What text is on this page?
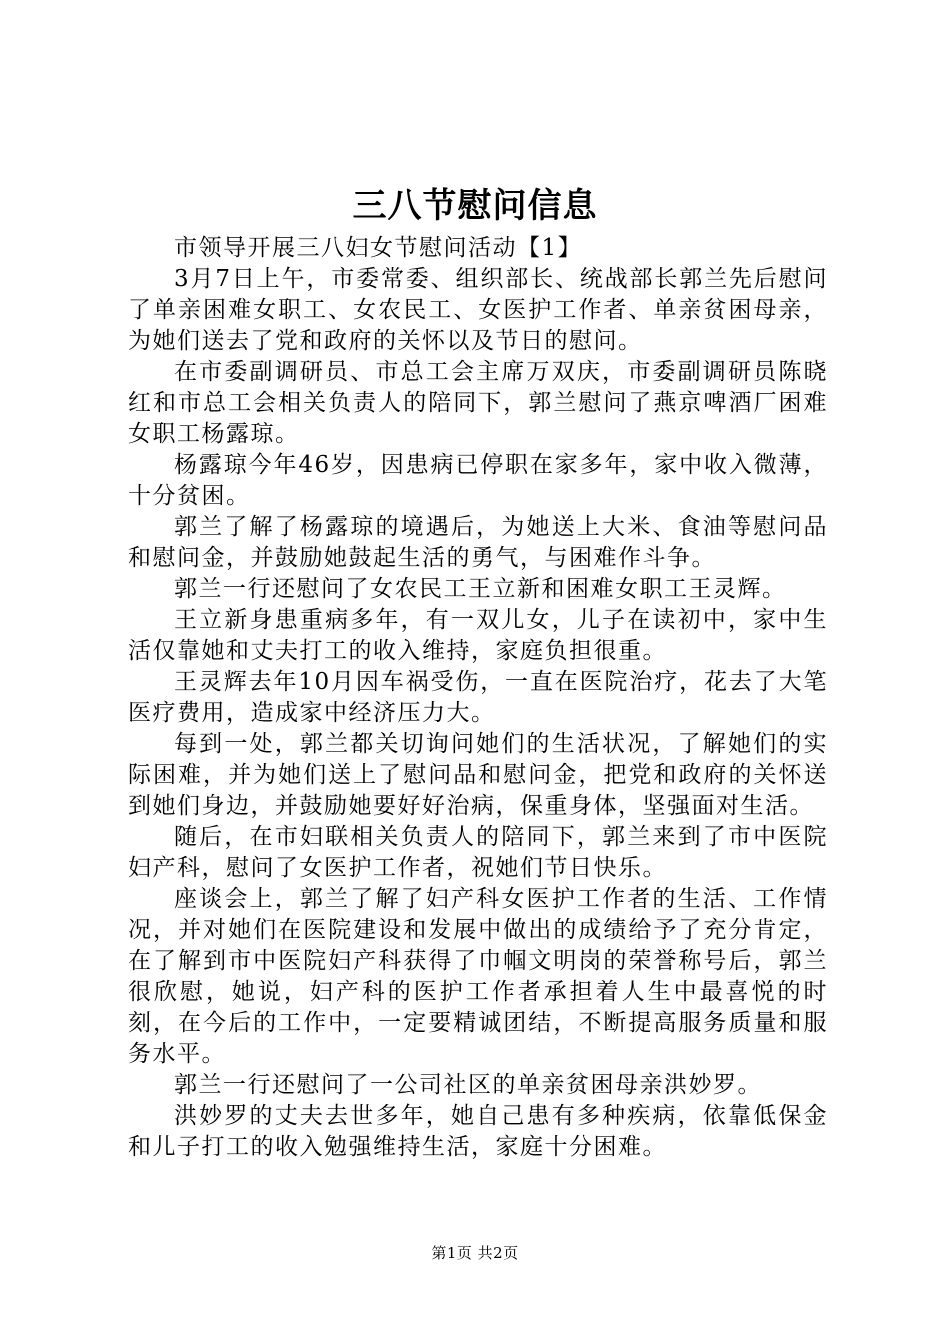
三八节慰问信息

市领导开展三八妇女节慰问活动【1】

3月7日上午，市委常委、组织部长、统战部长郭兰先后慰问了单亲困难女职工、女农民工、女医护工作者、单亲贫困母亲，为她们送去了党和政府的关怀以及节日的慰问。

在市委副调研员、市总工会主席万双庆，市委副调研员陈晓红和市总工会相关负责人的陪同下，郭兰慰问了燕京啤酒厂困难女职工杨露琼。

杨露琼今年46岁，因患病已停职在家多年，家中收入微薄，十分贫困。

郭兰了解了杨露琼的境遇后，为她送上大米、食油等慰问品和慰问金，并鼓励她鼓起生活的勇气，与困难作斗争。

郭兰一行还慰问了女农民工王立新和困难女职工王灵辉。

王立新身患重病多年，有一双儿女，儿子在读初中，家中生活仅靠她和丈夫打工的收入维持，家庭负担很重。

王灵辉去年10月因车祸受伤，一直在医院治疗，花去了大笔医疗费用，造成家中经济压力大。

每到一处，郭兰都关切询问她们的生活状况，了解她们的实际困难，并为她们送上了慰问品和慰问金，把党和政府的关怀送到她们身边，并鼓励她要好好治病，保重身体，坚强面对生活。

随后，在市妇联相关负责人的陪同下，郭兰来到了市中医院妇产科，慰问了女医护工作者，祝她们节日快乐。

座谈会上，郭兰了解了妇产科女医护工作者的生活、工作情况，并对她们在医院建设和发展中做出的成绩给予了充分肯定，在了解到市中医院妇产科获得了巾帼文明岗的荣誉称号后，郭兰很欣慰，她说，妇产科的医护工作者承担着人生中最喜悦的时刻，在今后的工作中，一定要精诚团结，不断提高服务质量和服务水平。

郭兰一行还慰问了一公司社区的单亲贫困母亲洪妙罗。

洪妙罗的丈夫去世多年，她自己患有多种疾病，依靠低保金和儿子打工的收入勉强维持生活，家庭十分困难。

第1页 共2页
